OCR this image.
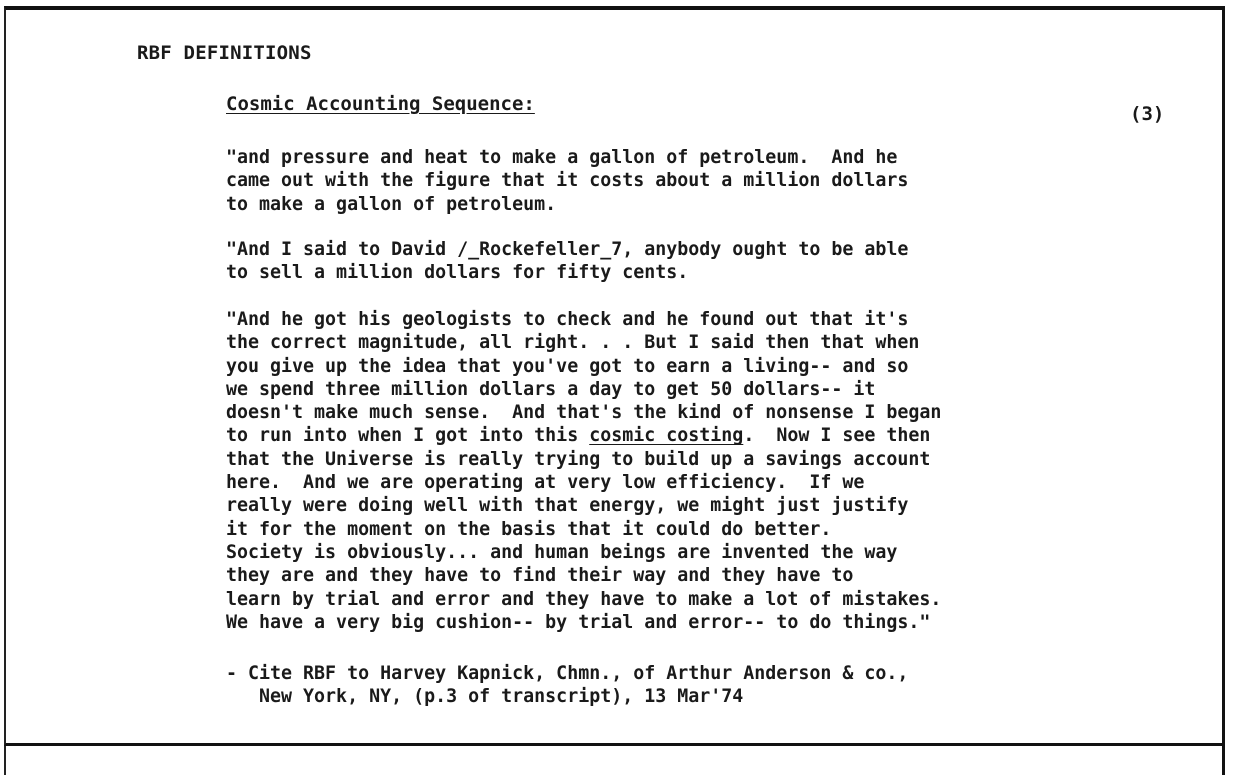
RBF DEFINITIONS
Cosmic Accounting Sequence:	(3)

"and pressure and heat to make a gallon of petroleum.  And he
came out with the figure that it costs about a million dollars
to make a gallon of petroleum.

"And I said to David /_Rockefeller_7, anybody ought to be able
to sell a million dollars for fifty cents.

"And he got his geologists to check and he found out that it's
the correct magnitude, all right. . . But I said then that when
you give up the idea that you've got to earn a living-- and so
we spend three million dollars a day to get 50 dollars-- it
doesn't make much sense.  And that's the kind of nonsense I began
to run into when I got into this cosmic costing.  Now I see then
that the Universe is really trying to build up a savings account
here.  And we are operating at very low efficiency.  If we
really were doing well with that energy, we might just justify
it for the moment on the basis that it could do better.
Society is obviously... and human beings are invented the way
they are and they have to find their way and they have to
learn by trial and error and they have to make a lot of mistakes.
We have a very big cushion-- by trial and error-- to do things."

- Cite RBF to Harvey Kapnick, Chmn., of Arthur Anderson & co.,
New York, NY, (p.3 of transcript), 13 Mar'74
